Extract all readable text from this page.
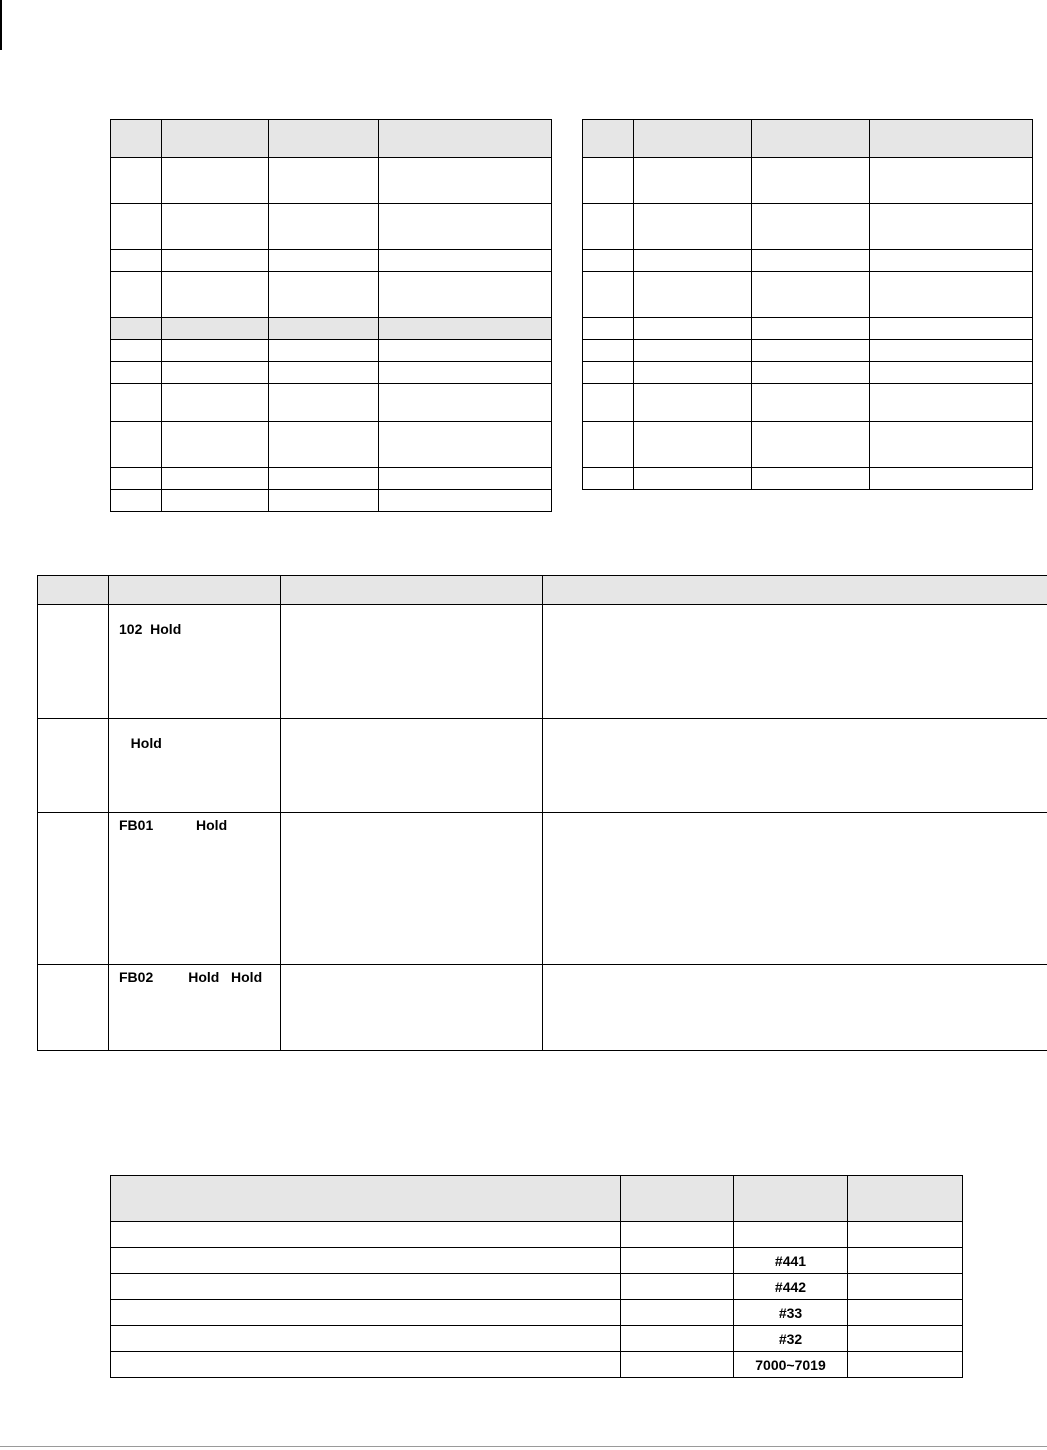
	102  Hold		

	Hold		

	FB01           Hold		

	FB02         Hold   Hold		

		#441	
		#442	
		#33	
		#32	
		7000~7019	
